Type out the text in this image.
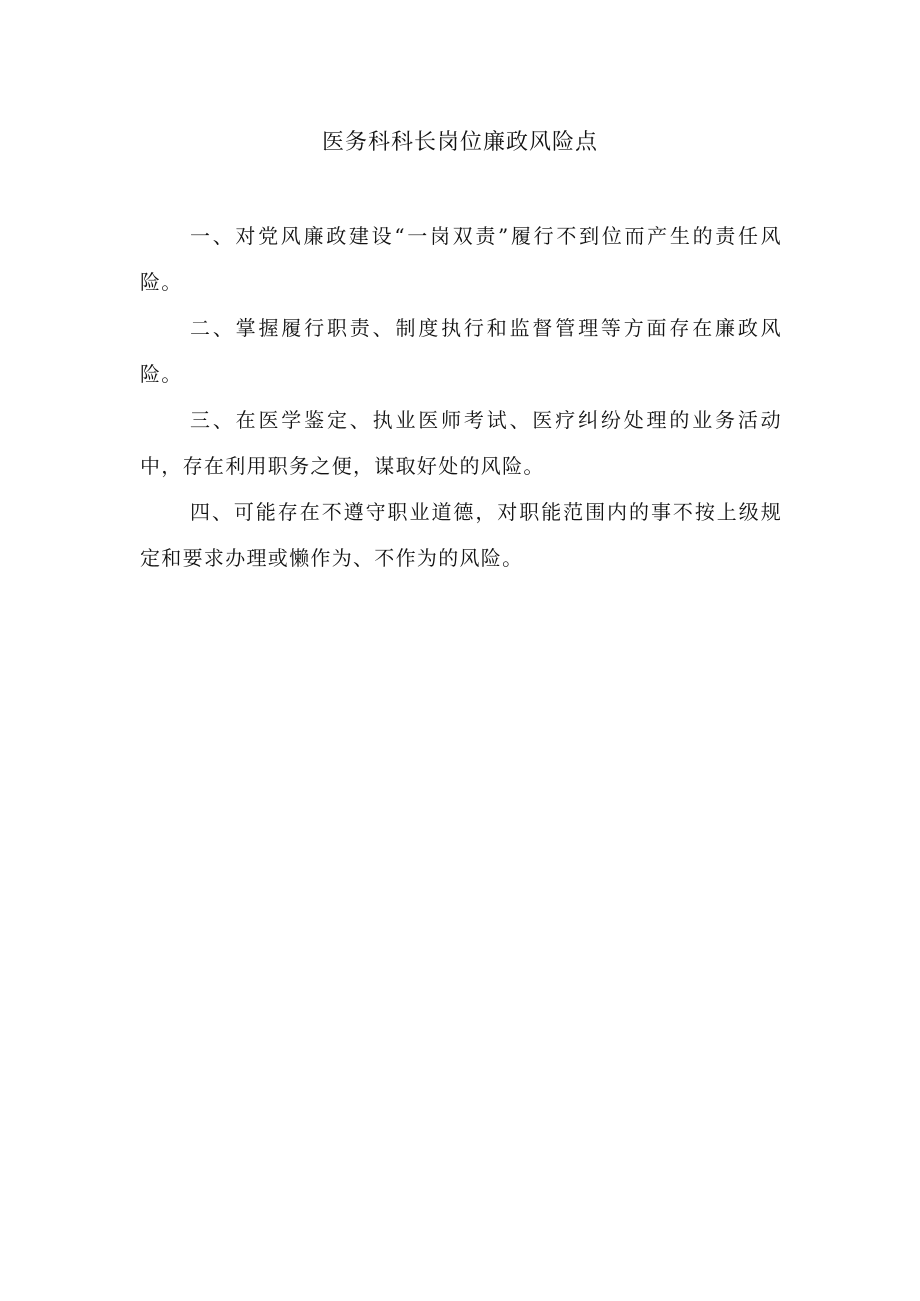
医务科科长岗位廉政风险点

一、对党风廉政建设“一岗双责”履行不到位而产生的责任风险。

二、掌握履行职责、制度执行和监督管理等方面存在廉政风险。

三、在医学鉴定、执业医师考试、医疗纠纷处理的业务活动中，存在利用职务之便，谋取好处的风险。

四、可能存在不遵守职业道德，对职能范围内的事不按上级规定和要求办理或懒作为、不作为的风险。
